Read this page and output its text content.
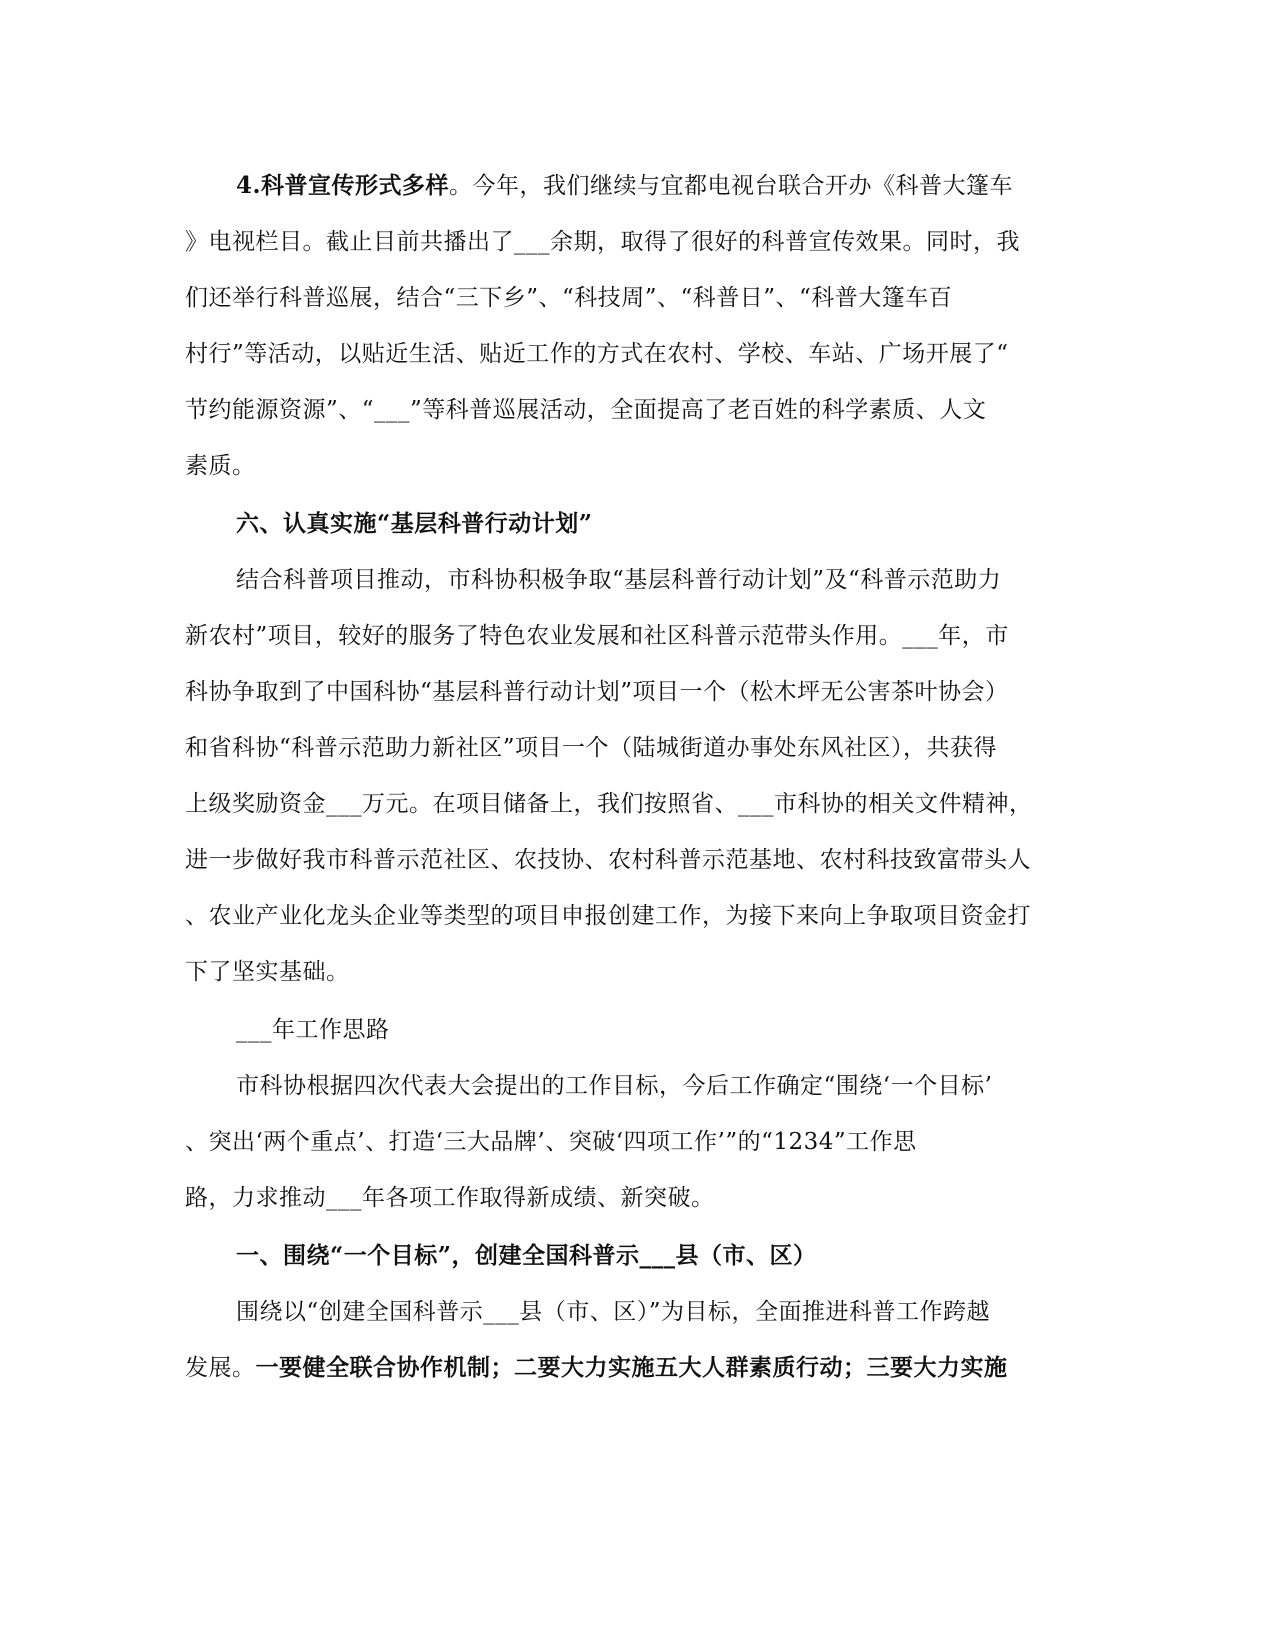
4.科普宣传形式多样。今年，我们继续与宜都电视台联合开办《科普大篷车
》电视栏目。截止目前共播出了___余期，取得了很好的科普宣传效果。同时，我
们还举行科普巡展，结合“三下乡”、“科技周”、“科普日”、“科普大篷车百
村行”等活动，以贴近生活、贴近工作的方式在农村、学校、车站、广场开展了“
节约能源资源”、“___”等科普巡展活动，全面提高了老百姓的科学素质、人文
素质。
六、认真实施“基层科普行动计划”
结合科普项目推动，市科协积极争取“基层科普行动计划”及“科普示范助力
新农村”项目，较好的服务了特色农业发展和社区科普示范带头作用。___年，市
科协争取到了中国科协“基层科普行动计划”项目一个（松木坪无公害茶叶协会）
和省科协“科普示范助力新社区”项目一个（陆城街道办事处东风社区），共获得
上级奖励资金___万元。在项目储备上，我们按照省、___市科协的相关文件精神，
进一步做好我市科普示范社区、农技协、农村科普示范基地、农村科技致富带头人
、农业产业化龙头企业等类型的项目申报创建工作，为接下来向上争取项目资金打
下了坚实基础。
___年工作思路
市科协根据四次代表大会提出的工作目标，今后工作确定“围绕‘一个目标’
、突出‘两个重点’、打造‘三大品牌’、突破‘四项工作’”的“1234”工作思
路，力求推动___年各项工作取得新成绩、新突破。
一、围绕“一个目标”，创建全国科普示___县（市、区）
围绕以“创建全国科普示___县（市、区）”为目标，全面推进科普工作跨越
发展。一要健全联合协作机制；二要大力实施五大人群素质行动；三要大力实施
